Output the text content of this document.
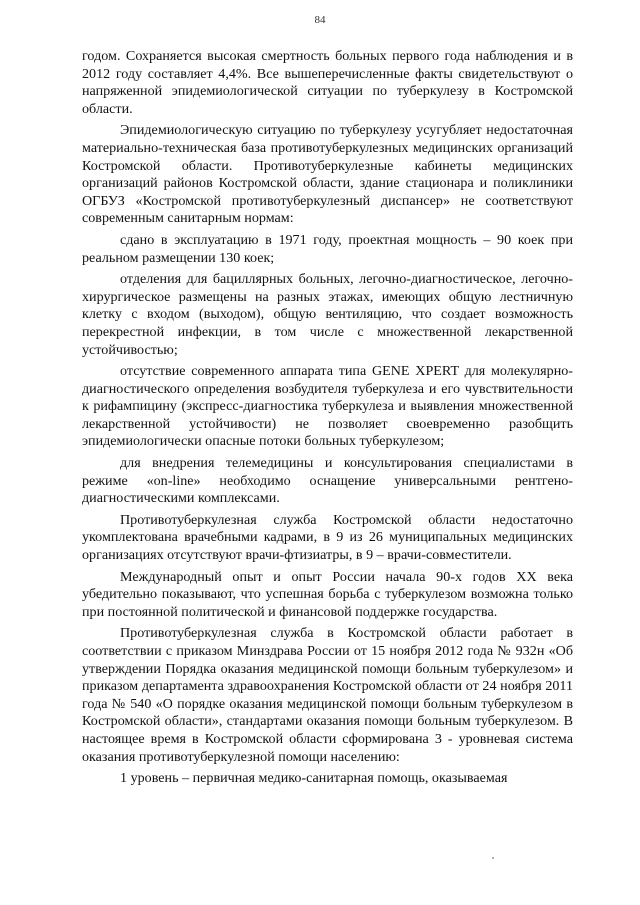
84

годом. Сохраняется высокая смертность больных первого года наблюдения и в 2012 году составляет 4,4%. Все вышеперечисленные факты свидетельствуют о напряженной эпидемиологической ситуации по туберкулезу в Костромской области.

Эпидемиологическую ситуацию по туберкулезу усугубляет недостаточная материально-техническая база противотуберкулезных медицинских организаций Костромской области. Противотуберкулезные кабинеты медицинских организаций районов Костромской области, здание стационара и поликлиники ОГБУЗ «Костромской противотуберкулезный диспансер» не соответствуют современным санитарным нормам:

сдано в эксплуатацию в 1971 году, проектная мощность – 90 коек при реальном размещении 130 коек;

отделения для бациллярных больных, легочно-диагностическое, легочно-хирургическое размещены на разных этажах, имеющих общую лестничную клетку с входом (выходом), общую вентиляцию, что создает возможность перекрестной инфекции, в том числе с множественной лекарственной устойчивостью;

отсутствие современного аппарата типа GENE XPERT для молекулярно-диагностического определения возбудителя туберкулеза и его чувствительности к рифампицину (экспресс-диагностика туберкулеза и выявления множественной лекарственной устойчивости) не позволяет своевременно разобщить эпидемиологически опасные потоки больных туберкулезом;

для внедрения телемедицины и консультирования специалистами в режиме «on-line» необходимо оснащение универсальными рентгено-диагностическими комплексами.

Противотуберкулезная служба Костромской области недостаточно укомплектована врачебными кадрами, в 9 из 26 муниципальных медицинских организациях отсутствуют врачи-фтизиатры, в 9 – врачи-совместители.

Международный опыт и опыт России начала 90-х годов ХХ века убедительно показывают, что успешная борьба с туберкулезом возможна только при постоянной политической и финансовой поддержке государства.

Противотуберкулезная служба в Костромской области работает в соответствии с приказом Минздрава России от 15 ноября 2012 года № 932н «Об утверждении Порядка оказания медицинской помощи больным туберкулезом» и приказом департамента здравоохранения Костромской области от 24 ноября 2011 года № 540 «О порядке оказания медицинской помощи больным туберкулезом в Костромской области», стандартами оказания помощи больным туберкулезом. В настоящее время в Костромской области сформирована 3 - уровневая система оказания противотуберкулезной помощи населению:

1 уровень – первичная медико-санитарная помощь, оказываемая
